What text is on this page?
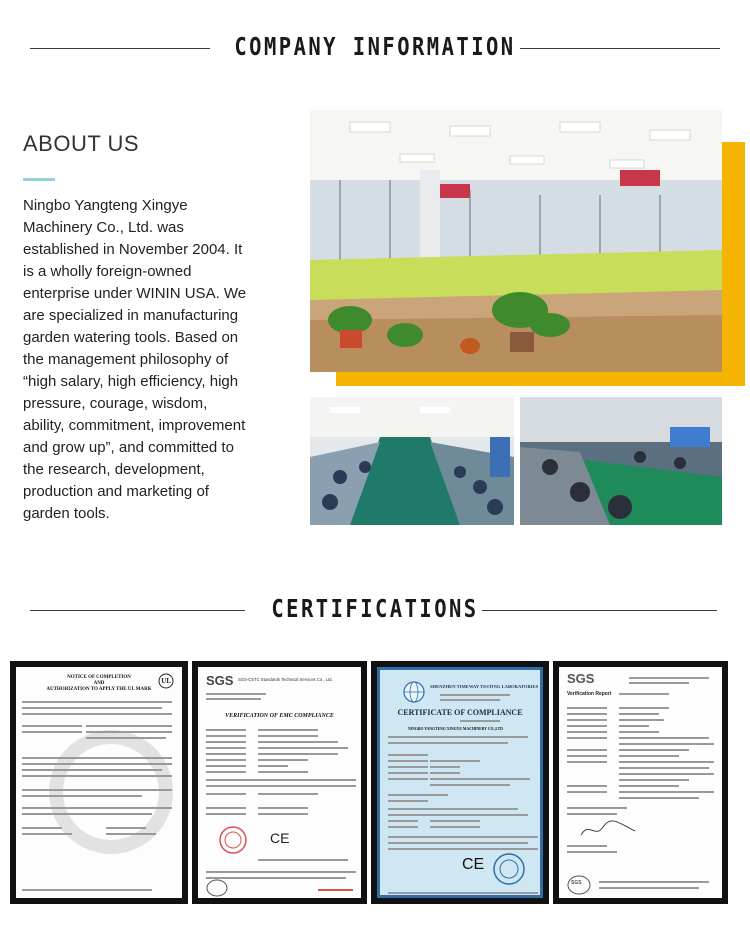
COMPANY INFORMATION
ABOUT US
Ningbo Yangteng Xingye Machinery Co., Ltd. was established in November 2004. It is a wholly foreign-owned enterprise under WININ USA. We are specialized in manufacturing garden watering tools. Based on the management philosophy of “high salary, high efficiency, high pressure, courage, wisdom, ability, commitment, improvement and grow up”, and committed to the research, development, production and marketing of garden tools.
CERTIFICATIONS
NOTICE OF COMPLETION
AND
AUTHORIZATION TO APPLY THE UL MARK
UL	SGS SGS-CSTC Standards Technical Services Co., Ltd.
VERIFICATION OF EMC COMPLIANCE
CE
SHENZHEN TIMEWAY TESTING LABORATORIES
CERTIFICATE OF COMPLIANCE
NINGBO YANGTENG XINGYE MACHINERY CO.,LTD
CE
SGS
Verification Report
SGS
